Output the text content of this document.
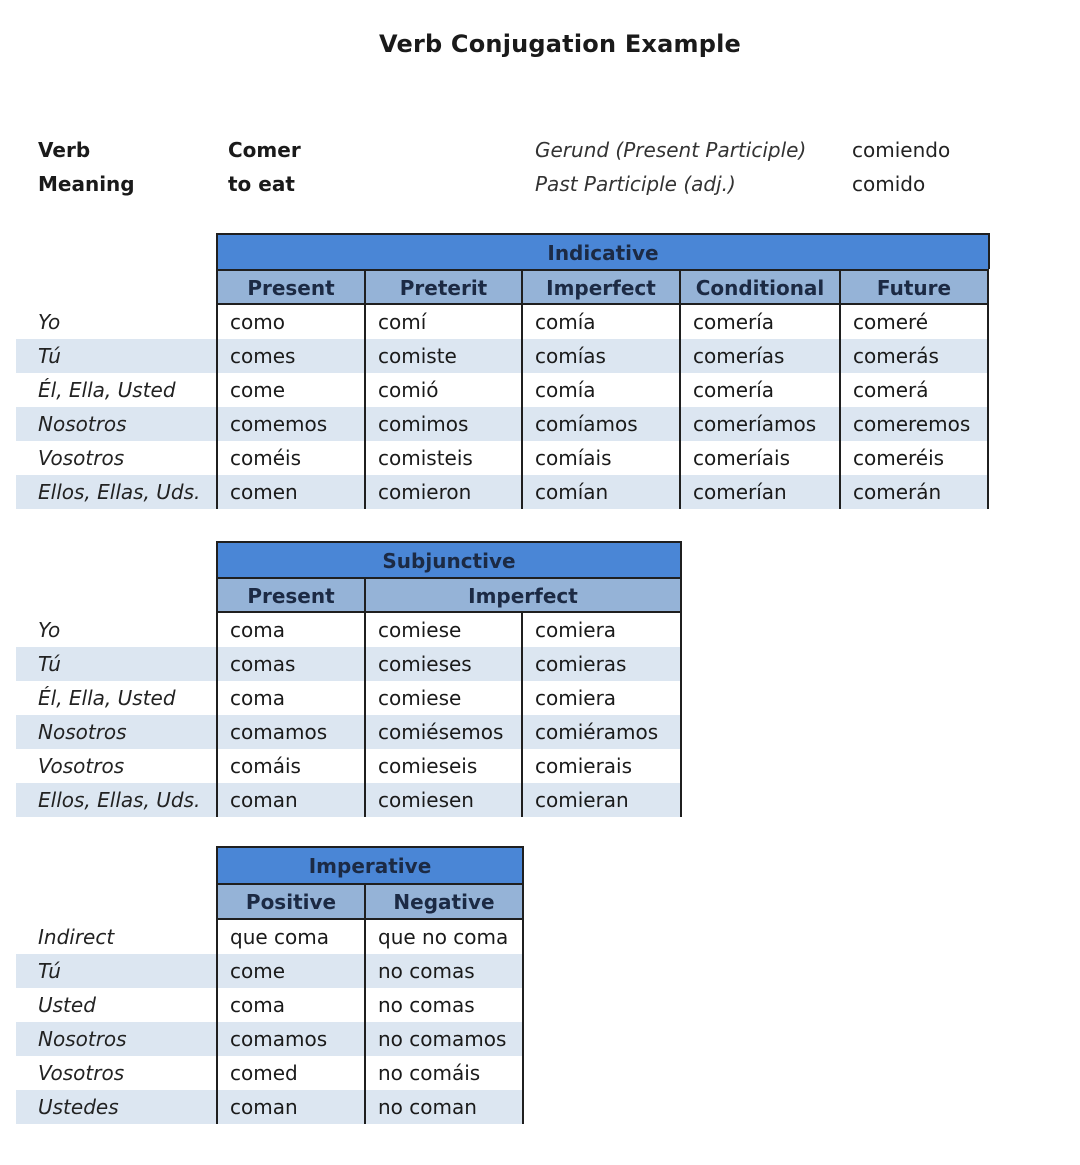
Verb Conjugation Example
Verb	Comer
Meaning	to eat
Gerund (Present Participle) comiendo
Past Participle (adj.)	comido
Indicative
Present	Preterit	Imperfect	Conditional	Future
Yo	como	comí	comía	comería	comeré
Tú	comes	comiste	comías	comerías	comerás
Él, Ella, Usted	come	comió	comía	comería	comerá
Nosotros	comemos	comimos	comíamos	comeríamos	comeremos
Vosotros	coméis	comisteis	comíais	comeríais	comeréis
Ellos, Ellas, Uds.	comen	comieron	comían	comerían	comerán
Subjunctive
Present	Imperfect
Yo	coma	comiese	comiera
Tú	comas	comieses	comieras
Él, Ella, Usted	coma	comiese	comiera
Nosotros	comamos	comiésemos	comiéramos
Vosotros	comáis	comieseis	comierais
Ellos, Ellas, Uds.	coman	comiesen	comieran
Imperative
Positive	Negative
Indirect	que coma	que no coma
Tú	come	no comas
Usted	coma	no comas
Nosotros	comamos	no comamos
Vosotros	comed	no comáis
Ustedes	coman	no coman
